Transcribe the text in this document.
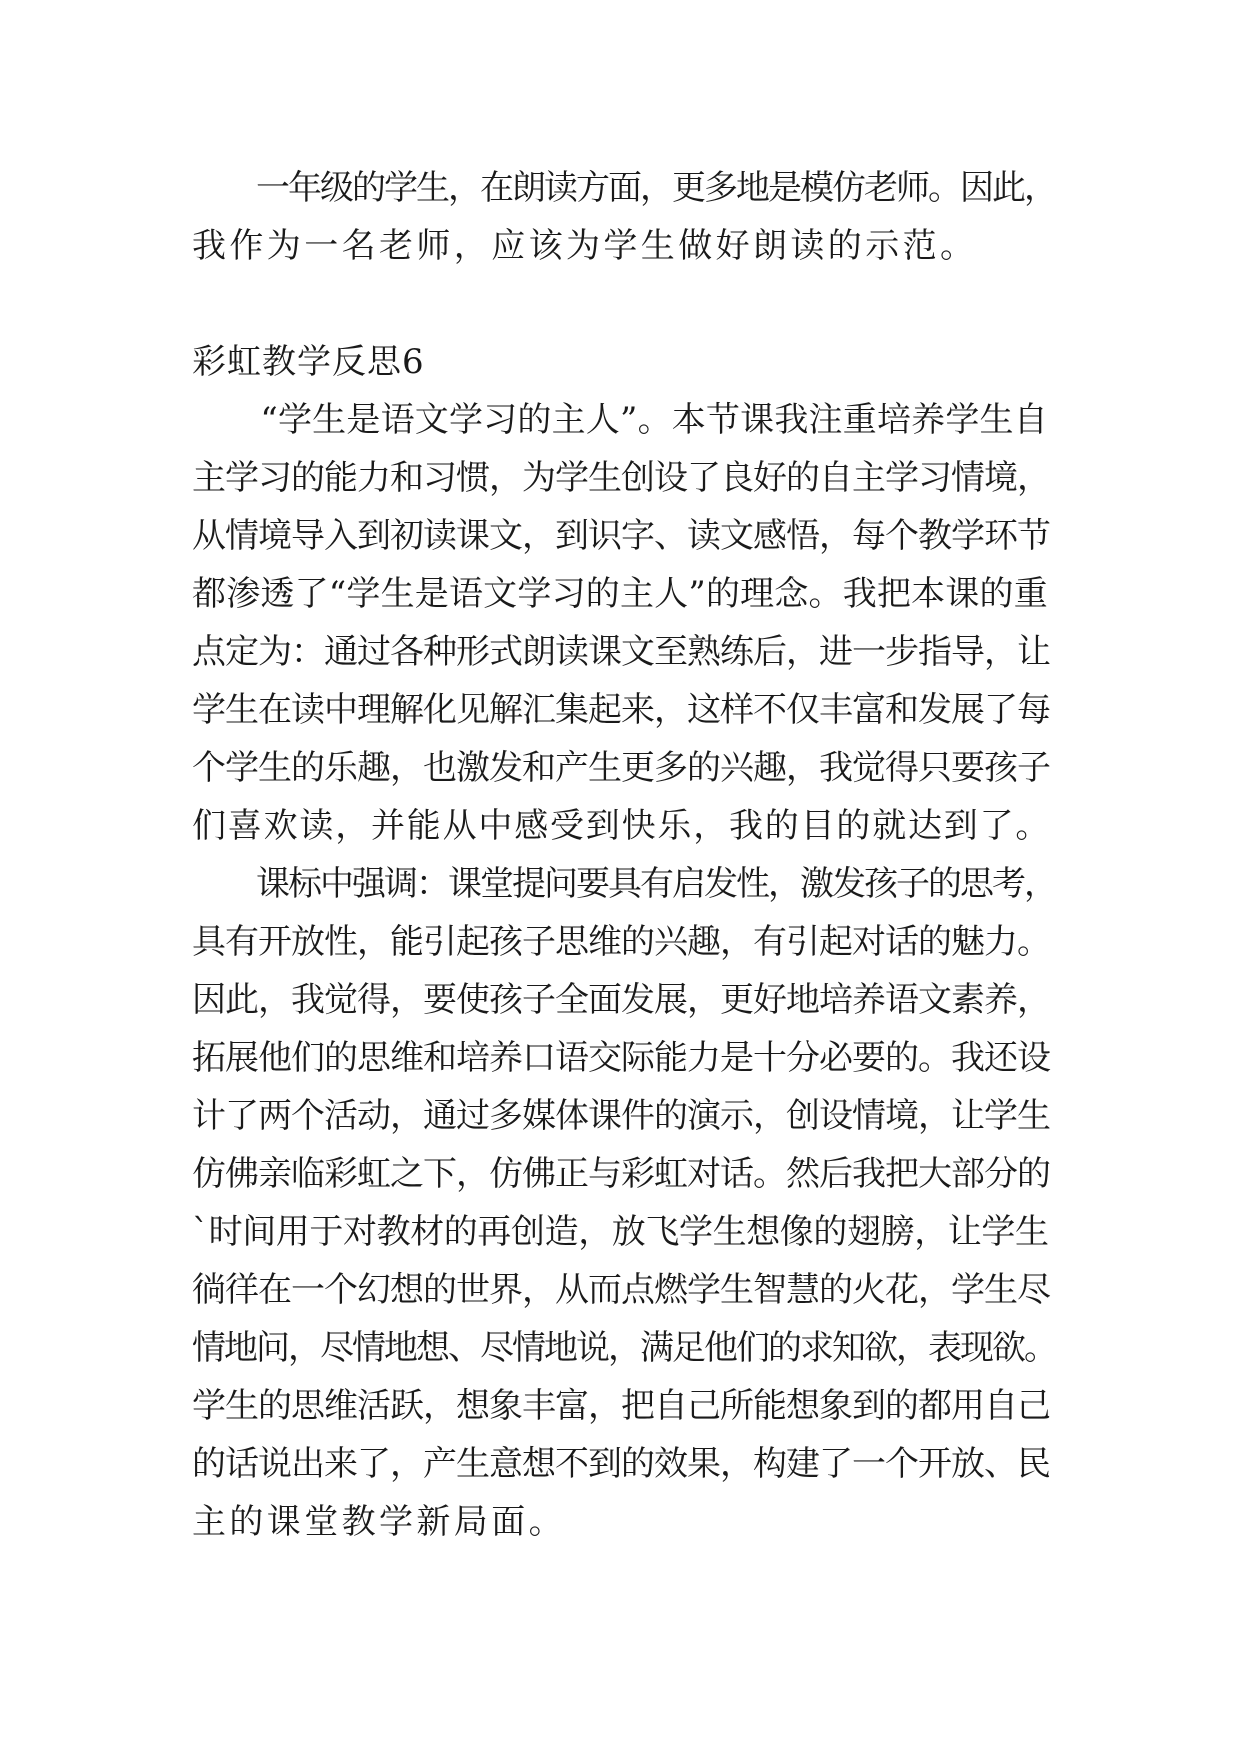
　　一年级的学生，在朗读方面，更多地是模仿老师。因此，
我作为一名老师，应该为学生做好朗读的示范。
彩虹教学反思6
　　“学生是语文学习的主人”。本节课我注重培养学生自
主学习的能力和习惯，为学生创设了良好的自主学习情境，
从情境导入到初读课文，到识字、读文感悟，每个教学环节
都渗透了“学生是语文学习的主人”的理念。我把本课的重
点定为：通过各种形式朗读课文至熟练后，进一步指导，让
学生在读中理解化见解汇集起来，这样不仅丰富和发展了每
个学生的乐趣，也激发和产生更多的兴趣，我觉得只要孩子
们喜欢读，并能从中感受到快乐，我的目的就达到了。
　　课标中强调：课堂提问要具有启发性，激发孩子的思考，
具有开放性，能引起孩子思维的兴趣，有引起对话的魅力。
因此，我觉得，要使孩子全面发展，更好地培养语文素养，
拓展他们的思维和培养口语交际能力是十分必要的。我还设
计了两个活动，通过多媒体课件的演示，创设情境，让学生
仿佛亲临彩虹之下，仿佛正与彩虹对话。然后我把大部分的
`时间用于对教材的再创造，放飞学生想像的翅膀，让学生
徜徉在一个幻想的世界，从而点燃学生智慧的火花，学生尽
情地问，尽情地想、尽情地说，满足他们的求知欲，表现欲。
学生的思维活跃，想象丰富，把自己所能想象到的都用自己
的话说出来了，产生意想不到的效果，构建了一个开放、民
主的课堂教学新局面。
